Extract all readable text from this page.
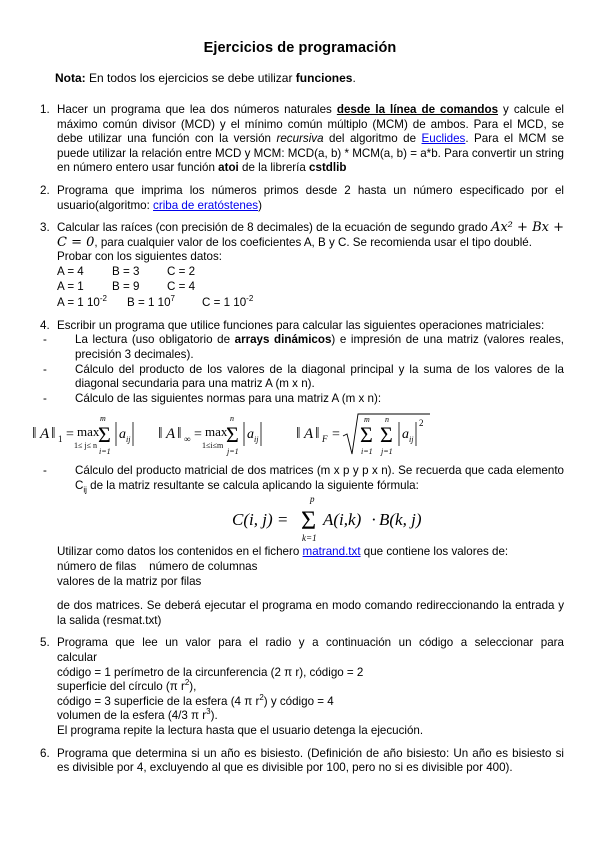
Ejercicios de programación
Nota: En todos los ejercicios se debe utilizar funciones.
1. Hacer un programa que lea dos números naturales desde la línea de comandos y calcule el máximo común divisor (MCD) y el mínimo común múltiplo (MCM) de ambos. Para el MCD, se debe utilizar una función con la versión recursiva del algoritmo de Euclides. Para el MCM se puede utilizar la relación entre MCD y MCM: MCD(a, b) * MCM(a, b) = a*b. Para convertir un string en número entero usar función atoi de la librería cstdlib
2. Programa que imprima los números primos desde 2 hasta un número especificado por el usuario(algoritmo: criba de eratóstenes)
3. Calcular las raíces (con precisión de 8 decimales) de la ecuación de segundo grado Ax² + Bx + C = 0, para cualquier valor de los coeficientes A, B y C. Se recomienda usar el tipo doublé.
Probar con los siguientes datos:
A = 4	B = 3	C = 2
A = 1	B = 9	C = 4
A = 1 $10^{-2}$	B = 1 $10^7$	C = 1 $10^{-2}$
4. Escribir un programa que utilice funciones para calcular las siguientes operaciones matriciales:
- La lectura (uso obligatorio de arrays dinámicos) e impresión de una matriz (valores reales, precisión 3 decimales).
- Cálculo del producto de los valores de la diagonal principal y la suma de los valores de la diagonal secundaria para una matriz A (m x n).
- Cálculo de las siguientes normas para una matriz A (m x n):
‖ A ‖ 1 = max
1≤ j≤ n
m
Σ
i=1
a ij ‖ A ‖ ∞ = max
1≤i≤m
n
Σ
j=1
a ij ‖ A ‖ F =
m
Σ
i=1
n
Σ
j=1
a ij
2
- Cálculo del producto matricial de dos matrices (m x p y p x n). Se recuerda que cada elemento $C_{ij}$ de la matriz resultante se calcula aplicando la siguiente fórmula:
C(i, j) =
p
Σ
k=1
A(i,k) · B(k, j)
Utilizar como datos los contenidos en el fichero matrand.txt que contiene los valores de:
número de filas número de columnas
valores de la matriz por filas
de dos matrices. Se deberá ejecutar el programa en modo comando redireccionando la entrada y la salida (resmat.txt)
5. Programa que lee un valor para el radio y a continuación un código a seleccionar para calcular
código = 1 perímetro de la circunferencia (2 π r), código = 2
superficie del círculo (π $r^2$),
código = 3 superficie de la esfera (4 π $r^2$) y código = 4
volumen de la esfera (4/3 π $r^3$).
El programa repite la lectura hasta que el usuario detenga la ejecución.
6. Programa que determina si un año es bisiesto. (Definición de año bisiesto: Un año es bisiesto si es divisible por 4, excluyendo al que es divisible por 100, pero no si es divisible por 400).
